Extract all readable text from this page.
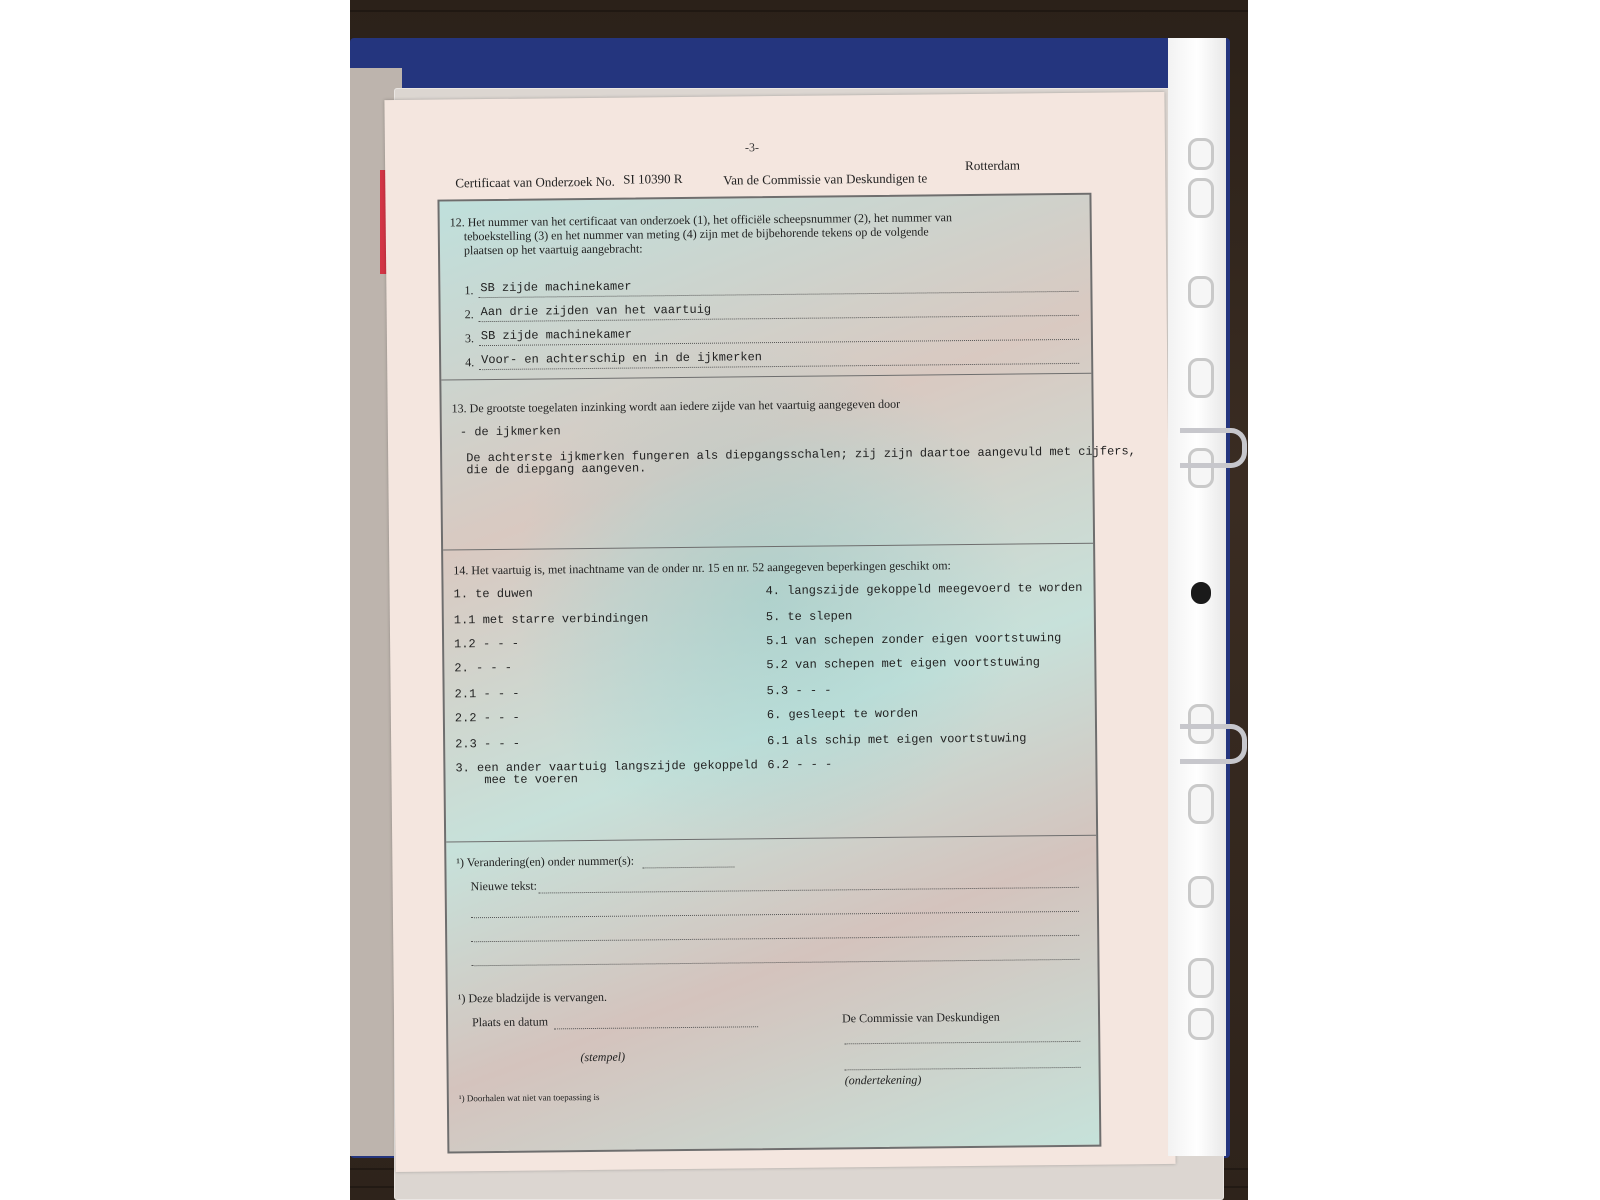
-3-
Certificaat van Onderzoek No. SI 10390 R	Van de Commissie van Deskundigen te
Rotterdam
12. Het nummer van het certificaat van onderzoek (1), het officiële scheepsnummer (2), het nummer van
teboekstelling (3) en het nummer van meting (4) zijn met de bijbehorende tekens op de volgende
plaatsen op het vaartuig aangebracht:
1. SB zijde machinekamer
2. Aan drie zijden van het vaartuig
3. SB zijde machinekamer
4. Voor- en achterschip en in de ijkmerken
13. De grootste toegelaten inzinking wordt aan iedere zijde van het vaartuig aangegeven door
- de ijkmerken
De achterste ijkmerken fungeren als diepgangsschalen; zij zijn daartoe aangevuld met cijfers,
die de diepgang aangeven.
14. Het vaartuig is, met inachtname van de onder nr. 15 en nr. 52 aangegeven beperkingen geschikt om:
1. te duwen
1.1 met starre verbindingen
1.2 - - -
2. - - -
2.1 - - -
2.2 - - -
2.3 - - -
3. een ander vaartuig langszijde gekoppeld
mee te voeren
4. langszijde gekoppeld meegevoerd te worden
5. te slepen
5.1 van schepen zonder eigen voortstuwing
5.2 van schepen met eigen voortstuwing
5.3 - - -
6. gesleept te worden
6.1 als schip met eigen voortstuwing
6.2 - - -
¹) Verandering(en) onder nummer(s):
Nieuwe tekst:
¹) Deze bladzijde is vervangen.
Plaats en datum	De Commissie van Deskundigen
(stempel)
(ondertekening)
¹) Doorhalen wat niet van toepassing is
